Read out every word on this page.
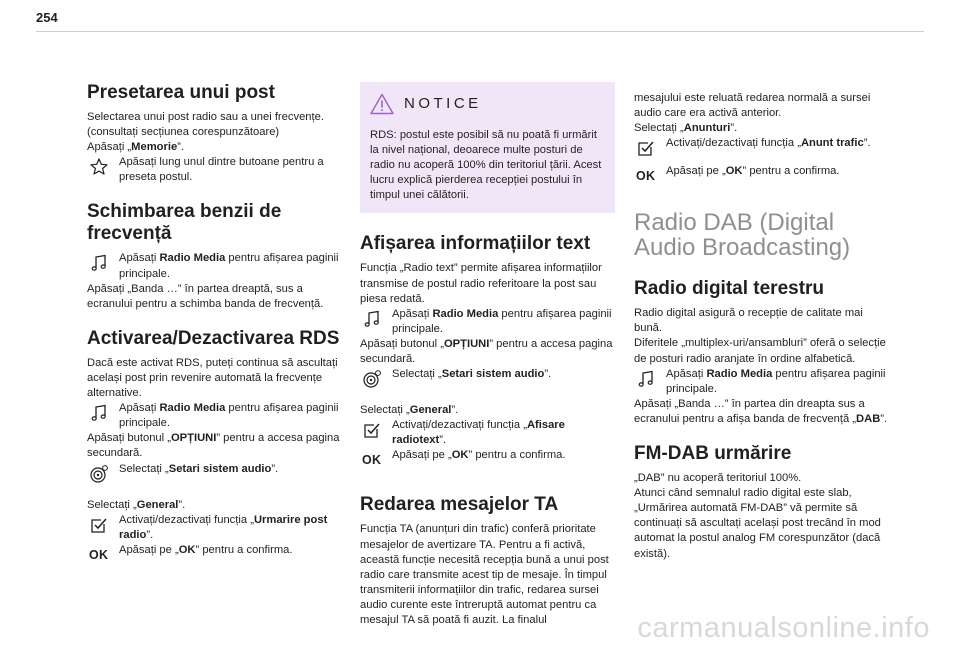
254
Presetarea unui post

Selectarea unui post radio sau a unei frecvențe.

(consultați secțiunea corespunzătoare)

Apăsați „Memorie”.

Apăsați lung unul dintre butoane pentru a preseta postul.
Schimbarea benzii de frecvență
Apăsați Radio Media pentru afișarea paginii principale.

Apăsați „Banda …” în partea dreaptă, sus a ecranului pentru a schimba banda de frecvență.

Activarea/Dezactivarea RDS

Dacă este activat RDS, puteți continua să ascultați același post prin revenire automată la frecvențe alternative.

Apăsați Radio Media pentru afișarea paginii principale.

Apăsați butonul „OPȚIUNI” pentru a accesa pagina secundară.

Selectați „Setari sistem audio”.

Selectați „General”.

Activați/dezactivați funcția „Urmarire post radio”.
OK Apăsați pe „OK” pentru a confirma.
NOTICE

RDS: postul este posibil să nu poată fi urmărit la nivel național, deoarece multe posturi de radio nu acoperă 100% din teritoriul țării. Acest lucru explică pierderea recepției postului în timpul unei călătorii.

Afișarea informațiilor text

Funcția „Radio text” permite afișarea informațiilor transmise de postul radio referitoare la post sau piesa redată.

Apăsați Radio Media pentru afișarea paginii principale.

Apăsați butonul „OPȚIUNI” pentru a accesa pagina secundară.

Selectați „Setari sistem audio”.

Selectați „General”.

Activați/dezactivați funcția „Afisare radiotext”.
OK Apăsați pe „OK” pentru a confirma.
Redarea mesajelor TA

Funcția TA (anunțuri din trafic) conferă prioritate mesajelor de avertizare TA. Pentru a fi activă, această funcție necesită recepția bună a unui post radio care transmite acest tip de mesaje. În timpul transmiterii informațiilor din trafic, redarea sursei audio curente este întreruptă automat pentru ca mesajul TA să poată fi auzit. La finalul

mesajului este reluată redarea normală a sursei audio care era activă anterior.

Selectați „Anunturi”.

Activați/dezactivați funcția „Anunt trafic”.
OK Apăsați pe „OK” pentru a confirma.
Radio DAB (Digital Audio Broadcasting)
Radio digital terestru

Radio digital asigură o recepție de calitate mai bună.

Diferitele „multiplex-uri/ansambluri” oferă o selecție de posturi radio aranjate în ordine alfabetică.

Apăsați Radio Media pentru afișarea paginii principale.

Apăsați „Banda …” în partea din dreapta sus a ecranului pentru a afișa banda de frecvență „DAB”.

FM-DAB urmărire

„DAB” nu acoperă teritoriul 100%.

Atunci când semnalul radio digital este slab, „Urmărirea automată FM-DAB” vă permite să continuați să ascultați același post trecând în mod automat la postul analog FM corespunzător (dacă există).

carmanualsonline.info
